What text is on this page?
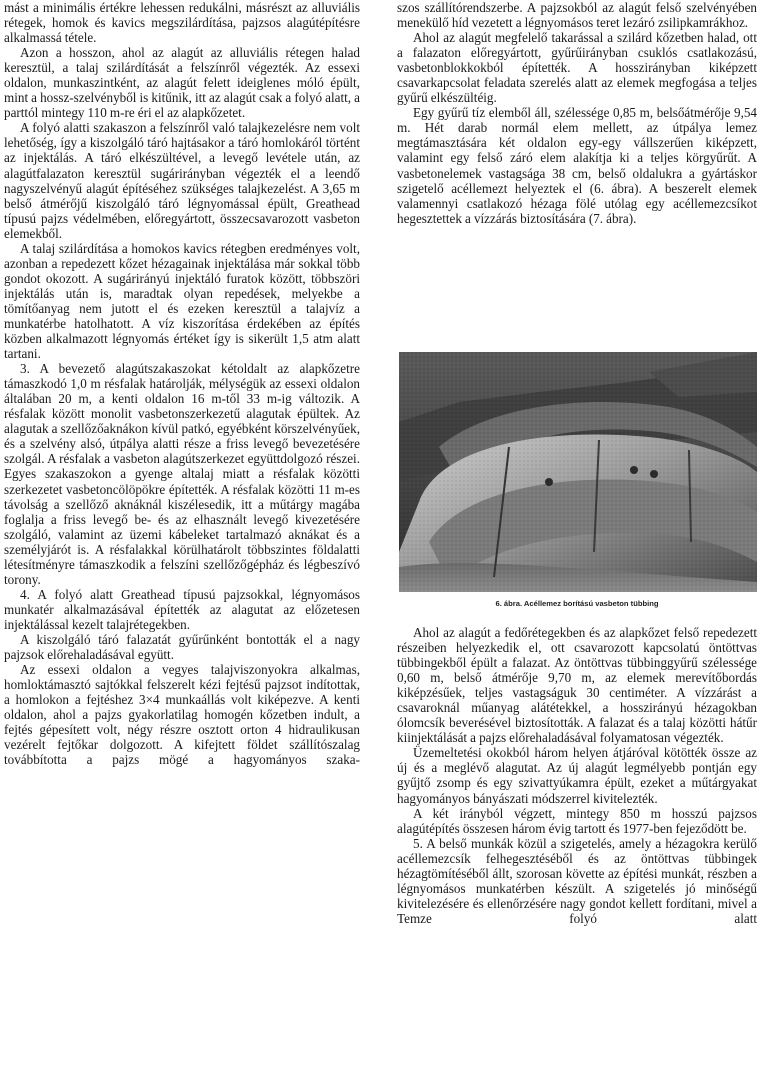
mást a minimális értékre lehessen redukálni, másrészt az alluviális rétegek, homok és kavics megszilárdítása, pajzsos alagútépítésre alkalmassá tétele.

Azon a hosszon, ahol az alagút az alluviális rétegen halad keresztül, a talaj szilárdítását a felszínről végezték. Az essexi oldalon, munkaszintként, az alagút felett ideiglenes móló épült, mint a hossz-szelvényből is kitűnik, itt az alagút csak a folyó alatt, a parttól mintegy 110 m-re éri el az alapkőzetet.

A folyó alatti szakaszon a felszínről való talajkezelésre nem volt lehetőség, így a kiszolgáló táró hajtásakor a táró homlokáról történt az injektálás. A táró elkészültével, a levegő levétele után, az alagútfalazaton keresztül sugárirányban végezték el a leendő nagyszelvényű alagút építéséhez szükséges talajkezelést. A 3,65 m belső átmérőjű kiszolgáló táró légnyomással épült, Greathead típusú pajzs védelmében, előregyártott, összecsavarozott vasbeton elemekből.

A talaj szilárdítása a homokos kavics rétegben eredményes volt, azonban a repedezett kőzet hézagainak injektálása már sokkal több gondot okozott. A sugárirányú injektáló furatok között, többszöri injektálás után is, maradtak olyan repedések, melyekbe a tömítőanyag nem jutott el és ezeken keresztül a talajvíz a munkatérbe hatolhatott. A víz kiszorítása érdekében az építés közben alkalmazott légnyomás értéket így is sikerült 1,5 atm alatt tartani.

3. A bevezető alagútszakaszokat kétoldalt az alapkőzetre támaszkodó 1,0 m résfalak határolják, mélységük az essexi oldalon általában 20 m, a kenti oldalon 16 m-től 33 m-ig változik. A résfalak között monolit vasbetonszerkezetű alagutak épültek. Az alagutak a szellőzőaknákon kívül patkó, egyébként körszelvényűek, és a szelvény alsó, útpálya alatti része a friss levegő bevezetésére szolgál. A résfalak a vasbeton alagútszerkezet együttdolgozó részei. Egyes szakaszokon a gyenge altalaj miatt a résfalak közötti szerkezetet vasbetoncölöpökre építették. A résfalak közötti 11 m-es távolság a szellőző aknáknál kiszélesedik, itt a műtárgy magába foglalja a friss levegő be- és az elhasznált levegő kivezetésére szolgáló, valamint az üzemi kábeleket tartalmazó aknákat és a személyjárót is. A résfalakkal körülhatárolt többszintes földalatti létesítményre támaszkodik a felszíni szellőzőgépház és légbeszívó torony.

4. A folyó alatt Greathead típusú pajzsokkal, légnyomásos munkatér alkalmazásával építették az alagutat az előzetesen injektálással kezelt talajrétegekben.

A kiszolgáló táró falazatát gyűrűnként bontották el a nagy pajzsok előrehaladásával együtt.

Az essexi oldalon a vegyes talajviszonyokra alkalmas, homloktámasztó sajtókkal felszerelt kézi fejtésű pajzsot indítottak, a homlokon a fejtéshez 3×4 munkaállás volt kiképezve. A kenti oldalon, ahol a pajzs gyakorlatilag homogén kőzetben indult, a fejtés gépesített volt, négy részre osztott orton 4 hidraulikusan vezérelt fejtőkar dolgozott. A kifejtett földet szállítószalag továbbította a pajzs mögé a hagyományos szaka-

szos szállítórendszerbe. A pajzsokból az alagút felső szelvényében menekülő híd vezetett a légnyomásos teret lezáró zsilipkamrákhoz.

Ahol az alagút megfelelő takarással a szilárd kőzetben halad, ott a falazaton előregyártott, gyűrűirányban csuklós csatlakozású, vasbetonblokkokból építették. A hosszirányban kiképzett csavarkapcsolat feladata szerelés alatt az elemek megfogása a teljes gyűrű elkészültéig.

Egy gyűrű tíz elemből áll, szélessége 0,85 m, belsőátmérője 9,54 m. Hét darab normál elem mellett, az útpálya lemez megtámasztására két oldalon egy-egy vállszerűen kiképzett, valamint egy felső záró elem alakítja ki a teljes körgyűrűt. A vasbetonelemek vastagsága 38 cm, belső oldalukra a gyártáskor szigetelő acéllemezt helyeztek el (6. ábra). A beszerelt elemek valamennyi csatlakozó hézaga fölé utólag egy acéllemezcsíkot hegesztettek a vízzárás biztosítására (7. ábra).

6. ábra. Acéllemez borítású vasbeton tübbing

Ahol az alagút a fedőrétegekben és az alapkőzet felső repedezett részeiben helyezkedik el, ott csavarozott kapcsolatú öntöttvas tübbingekből épült a falazat. Az öntöttvas tübbinggyűrű szélessége 0,60 m, belső átmérője 9,70 m, az elemek merevítőbordás kiképzésűek, teljes vastagságuk 30 centiméter. A vízzárást a csavaroknál műanyag alátétekkel, a hosszirányú hézagokban ólomcsík beverésével biztosították. A falazat és a talaj közötti hátűr kiinjektálását a pajzs előrehaladásával folyamatosan végezték.

Üzemeltetési okokból három helyen átjáróval kötötték össze az új és a meglévő alagutat. Az új alagút legmélyebb pontján egy gyűjtő zsomp és egy szivattyúkamra épült, ezeket a műtárgyakat hagyományos bányászati módszerrel kivitelezték.

A két irányból végzett, mintegy 850 m hosszú pajzsos alagútépítés összesen három évig tartott és 1977-ben fejeződött be.

5. A belső munkák közül a szigetelés, amely a hézagokra kerülő acéllemezcsík felhegesztéséből és az öntöttvas tübbingek hézagtömítéséből állt, szorosan követte az építési munkát, részben a légnyomásos munkatérben készült. A szigetelés jó minőségű kivitelezésére és ellenőrzésére nagy gondot kellett fordítani, mivel a Temze folyó alatt
